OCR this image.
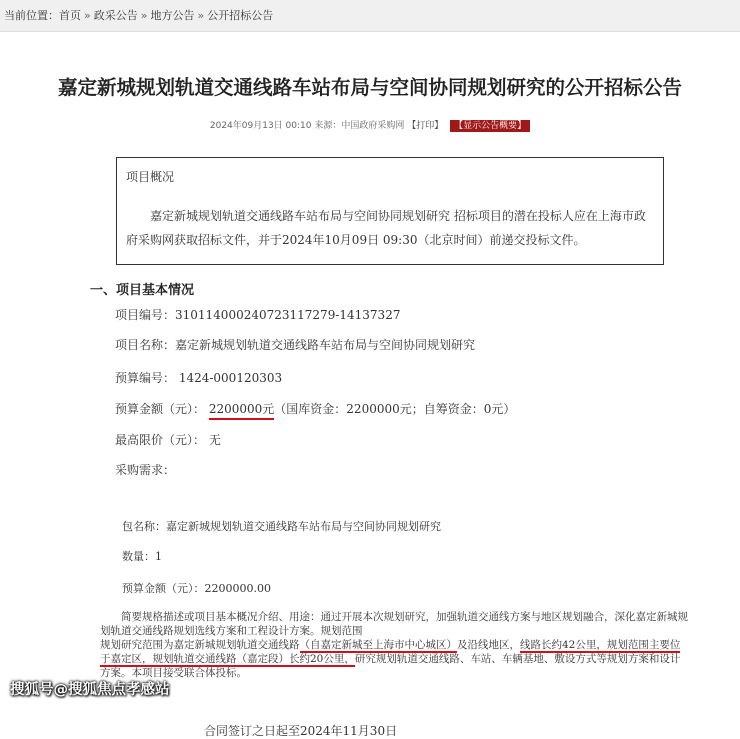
当前位置：首页 » 政采公告 » 地方公告 » 公开招标公告
嘉定新城规划轨道交通线路车站布局与空间协同规划研究的公开招标公告
2024年09月13日 00:10 来源：中国政府采购网 【打印】 【显示公告概要】
项目概况
　　嘉定新城规划轨道交通线路车站布局与空间协同规划研究 招标项目的潜在投标人应在上海市政府采购网获取招标文件，并于2024年10月09日 09:30（北京时间）前递交投标文件。
一、项目基本情况
项目编号：310114000240723117279-14137327
项目名称：嘉定新城规划轨道交通线路车站布局与空间协同规划研究
预算编号： 1424-000120303
预算金额（元）： 2200000元（国库资金：2200000元；自筹资金：0元）
最高限价（元）： 无
采购需求：
包名称：嘉定新城规划轨道交通线路车站布局与空间协同规划研究
数量：1
预算金额（元）：2200000.00
　　简要规格描述或项目基本概况介绍、用途：通过开展本次规划研究，加强轨道交通线方案与地区规划融合，深化嘉定新城规划轨道交通线路规划选线方案和工程设计方案。规划范围
规划研究范围为嘉定新城规划轨道交通线路（自嘉定新城至上海市中心城区）及沿线地区，线路长约42公里，规划范围主要位于嘉定区，规划轨道交通线路（嘉定段）长约20公里，研究规划轨道交通线路、车站、车辆基地、敷设方式等规划方案和设计方案。本项目接受联合体投标。
合同签订之日起至2024年11月30日
搜狐号@搜狐焦点孝感站
